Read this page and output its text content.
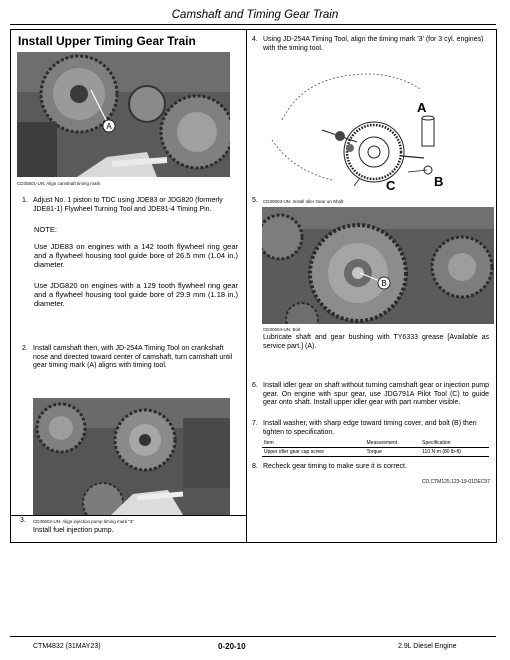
Camshaft and Timing Gear Train
Install Upper Timing Gear Train
A
CD30601-UN: Align camshaft timing mark
1. Adjust No. 1 piston to TDC using JDE83 or JDG820 (formerly JDE81-1) Flywheel Turning Tool and JDE81-4 Timing Pin.
NOTE:
Use JDE83 on engines with a 142 tooth flywheel ring gear and a flywheel housing tool guide bore of 26.5 mm (1.04 in.) diameter.
Use JDG820 on engines with a 129 tooth flywheel ring gear and a flywheel housing tool guide bore of 29.9 mm (1.18 in.) diameter.
2. Install camshaft then, with JD-254A Timing Tool on crankshaft nose and directed toward center of camshaft, turn camshaft until gear timing mark (A) aligns with timing tool.
3. CD30602-UN: Align injection pump timing mark "3"
Install fuel injection pump.
4. Using JD-254A Timing Tool, align the timing mark '3' (for 3 cyl. engines) with the timing tool.
A
B
C
5. CD30603-UN: Install Idler Gear on Shaft
B
CD30604-UN: Bolt
Lubricate shaft and gear bushing with TY6333 grease [Available as service part.] (A).
6. Install idler gear on shaft without turning camshaft gear or injection pump gear. On engine with spur gear, use JDG791A Pilot Tool (C) to guide gear onto shaft. Install upper idler gear with part number visible.
7. Install washer, with sharp edge toward timing cover, and bolt (B) then tighten to specification.
Item	Measurement	Specification
Upper idler gear cap screw	Torque	110 N·m (80 lb-ft)
8. Recheck gear timing to make sure it is correct.
CD,CTM125,123-19-01DEC97
CTM4832 (31MAY23)	0-20-10	2.9L Diesel Engine
